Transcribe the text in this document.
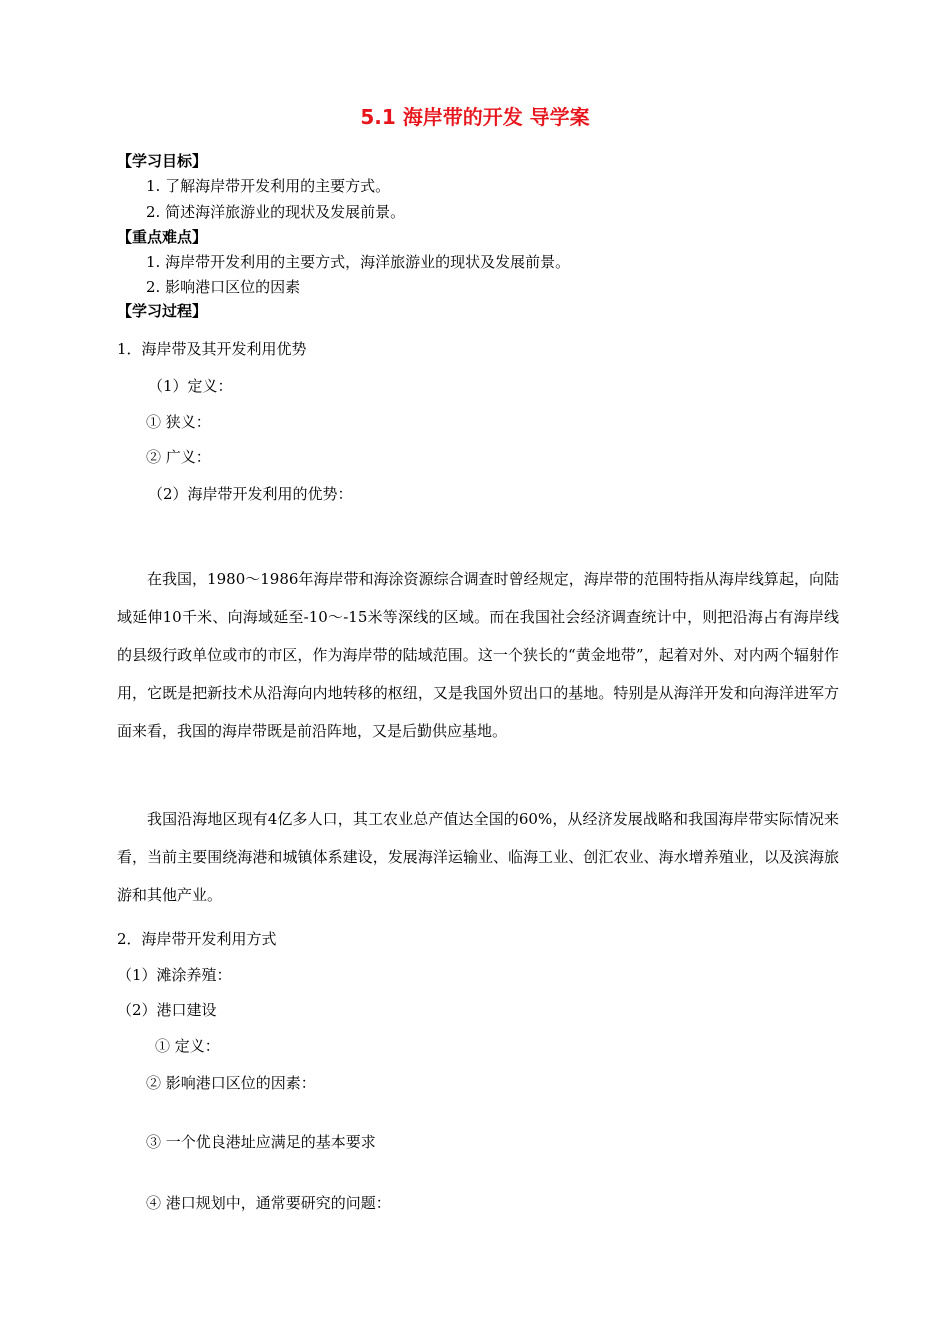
5.1 海岸带的开发 导学案
【学习目标】
1. 了解海岸带开发利用的主要方式。
2. 简述海洋旅游业的现状及发展前景。
【重点难点】
1. 海岸带开发利用的主要方式，海洋旅游业的现状及发展前景。
2. 影响港口区位的因素
【学习过程】
1．海岸带及其开发利用优势
（1）定义：
① 狭义：
② 广义：
（2）海岸带开发利用的优势：
在我国，1980～1986年海岸带和海涂资源综合调查时曾经规定，海岸带的范围特指从海岸线算起，向陆域延伸10千米、向海域延至-10～-15米等深线的区域。而在我国社会经济调查统计中，则把沿海占有海岸线的县级行政单位或市的市区，作为海岸带的陆域范围。这一个狭长的“黄金地带”，起着对外、对内两个辐射作用，它既是把新技术从沿海向内地转移的枢纽，又是我国外贸出口的基地。特别是从海洋开发和向海洋进军方面来看，我国的海岸带既是前沿阵地，又是后勤供应基地。
我国沿海地区现有4亿多人口，其工农业总产值达全国的60%，从经济发展战略和我国海岸带实际情况来看，当前主要围绕海港和城镇体系建设，发展海洋运输业、临海工业、创汇农业、海水增养殖业，以及滨海旅游和其他产业。
2．海岸带开发利用方式
（1）滩涂养殖：
（2）港口建设
① 定义：
② 影响港口区位的因素：
③ 一个优良港址应满足的基本要求
④ 港口规划中，通常要研究的问题：
